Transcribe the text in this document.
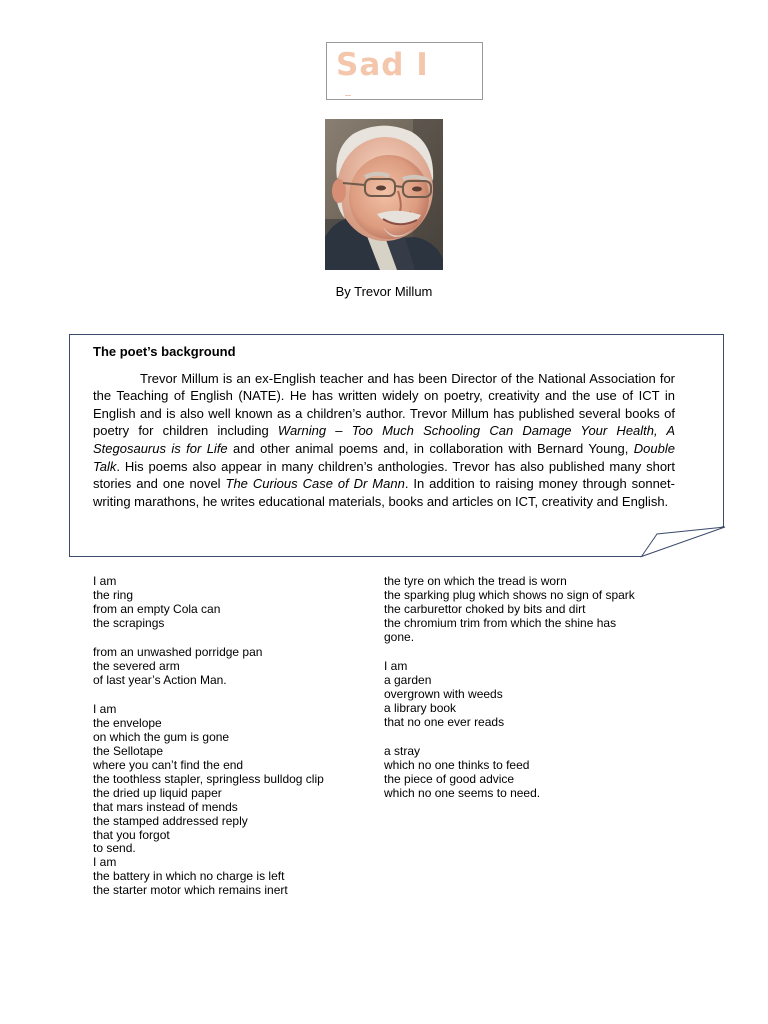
Sad I
By Trevor Millum

The poet’s background

Trevor Millum is an ex-English teacher and has been Director of the National Association for the Teaching of English (NATE). He has written widely on poetry, creativity and the use of ICT in English and is also well known as a children’s author. Trevor Millum has published several books of poetry for children including Warning – Too Much Schooling Can Damage Your Health, A Stegosaurus is for Life and other animal poems and, in collaboration with Bernard Young, Double Talk. His poems also appear in many children’s anthologies. Trevor has also published many short stories and one novel The Curious Case of Dr Mann. In addition to raising money through sonnet-writing marathons, he writes educational materials, books and articles on ICT, creativity and English.

I am
the ring
from an empty Cola can
the scrapings
from an unwashed porridge pan
the severed arm
of last year’s Action Man.
I am
the envelope
on which the gum is gone
the Sellotape
where you can’t find the end
the toothless stapler, springless bulldog clip
the dried up liquid paper
that mars instead of mends
the stamped addressed reply
that you forgot
to send.
I am
the battery in which no charge is left
the starter motor which remains inert
the tyre on which the tread is worn
the sparking plug which shows no sign of spark
the carburettor choked by bits and dirt
the chromium trim from which the shine has
gone.
I am
a garden
overgrown with weeds
a library book
that no one ever reads
a stray
which no one thinks to feed
the piece of good advice
which no one seems to need.
